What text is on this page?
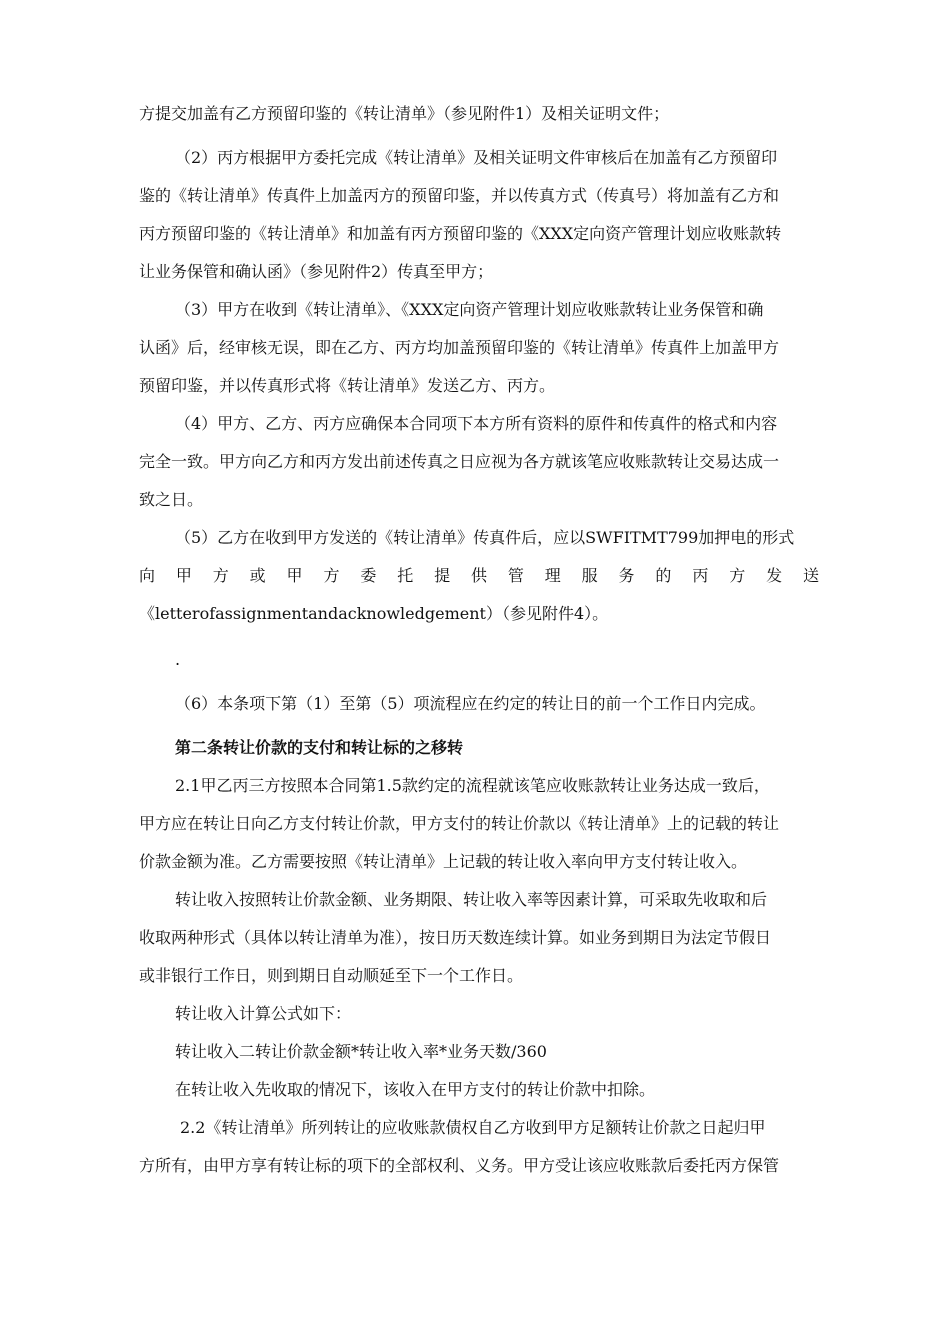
方提交加盖有乙方预留印鉴的《转让清单》（参见附件1）及相关证明文件；
（2）丙方根据甲方委托完成《转让清单》及相关证明文件审核后在加盖有乙方预留印
鉴的《转让清单》传真件上加盖丙方的预留印鉴，并以传真方式（传真号）将加盖有乙方和
丙方预留印鉴的《转让清单》和加盖有丙方预留印鉴的《XXX定向资产管理计划应收账款转
让业务保管和确认函》（参见附件2）传真至甲方；
（3）甲方在收到《转让清单》、《XXX定向资产管理计划应收账款转让业务保管和确
认函》后，经审核无误，即在乙方、丙方均加盖预留印鉴的《转让清单》传真件上加盖甲方
预留印鉴，并以传真形式将《转让清单》发送乙方、丙方。
（4）甲方、乙方、丙方应确保本合同项下本方所有资料的原件和传真件的格式和内容
完全一致。甲方向乙方和丙方发出前述传真之日应视为各方就该笔应收账款转让交易达成一
致之日。
（5）乙方在收到甲方发送的《转让清单》传真件后，应以SWFITMT799加押电的形式
向甲方或甲方委托提供管理服务的丙方发送
《letterofassignmentandacknowledgement）（参见附件4）。
.
（6）本条项下第（1）至第（5）项流程应在约定的转让日的前一个工作日内完成。
第二条转让价款的支付和转让标的之移转
2.1甲乙丙三方按照本合同第1.5款约定的流程就该笔应收账款转让业务达成一致后，
甲方应在转让日向乙方支付转让价款，甲方支付的转让价款以《转让清单》上的记载的转让
价款金额为准。乙方需要按照《转让清单》上记载的转让收入率向甲方支付转让收入。
转让收入按照转让价款金额、业务期限、转让收入率等因素计算，可采取先收取和后
收取两种形式（具体以转让清单为准），按日历天数连续计算。如业务到期日为法定节假日
或非银行工作日，则到期日自动顺延至下一个工作日。
转让收入计算公式如下：
转让收入二转让价款金额*转让收入率*业务天数/360
在转让收入先收取的情况下，该收入在甲方支付的转让价款中扣除。
2.2《转让清单》所列转让的应收账款债权自乙方收到甲方足额转让价款之日起归甲
方所有，由甲方享有转让标的项下的全部权利、义务。甲方受让该应收账款后委托丙方保管
